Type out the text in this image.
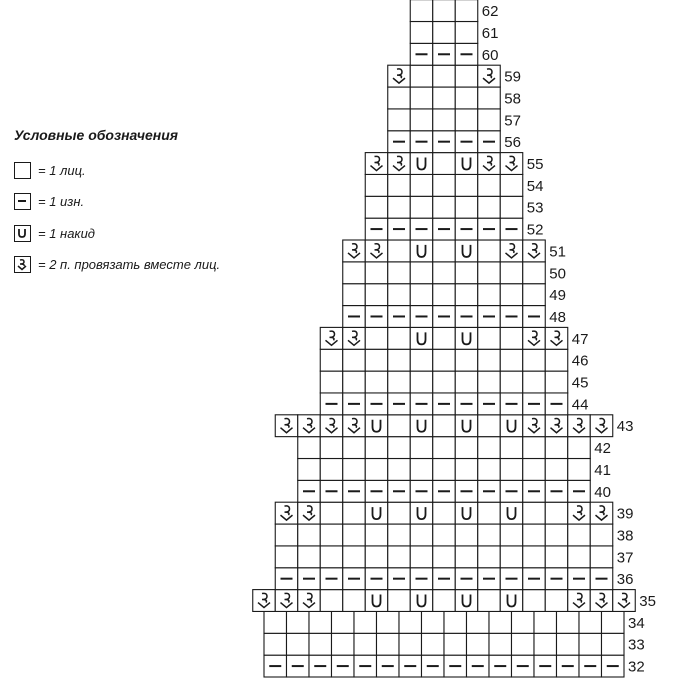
Условные обозначения
= 1 лиц.
= 1 изн.
= 1 накид
= 2 п. провязать вместе лиц.
32
33
34
35
36
37
38
39
40
41
42
43
44
45
46
47
48
49
50
51
52
53
54
55
56
57
58
59
60
61
62
